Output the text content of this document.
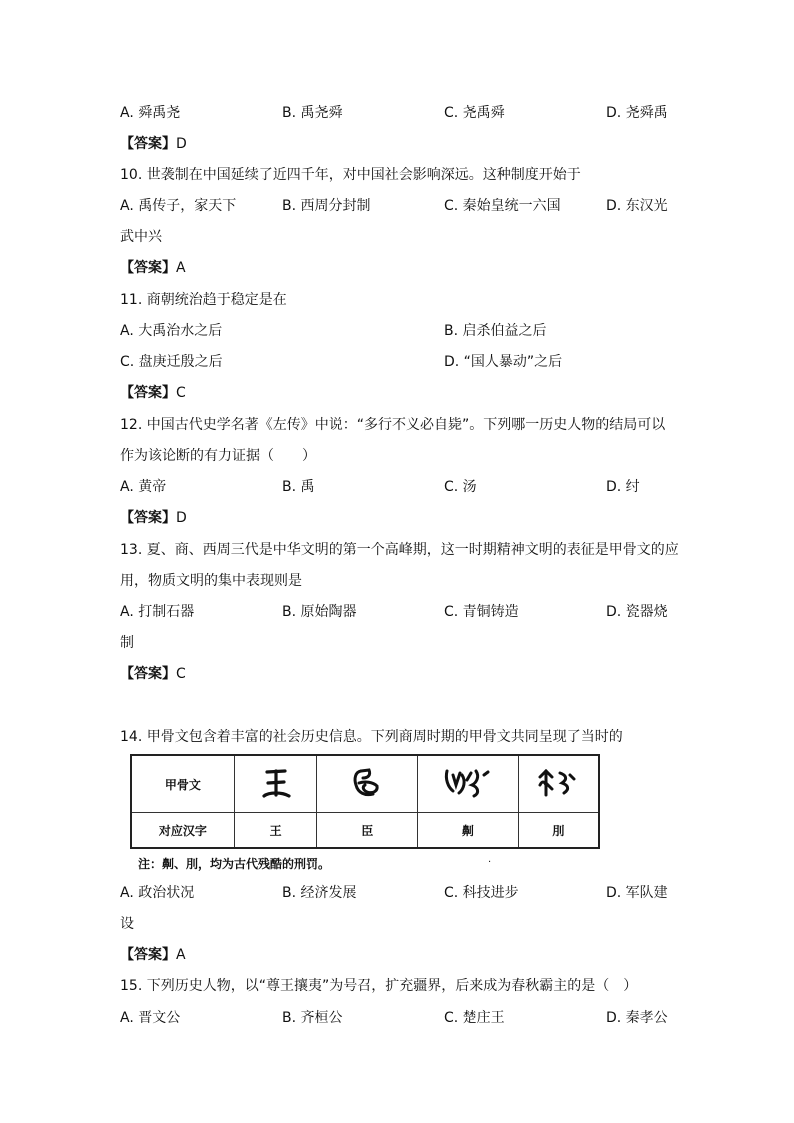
A. 舜禹尧	B. 禹尧舜	C. 尧禹舜	D. 尧舜禹
【答案】D
10. 世袭制在中国延续了近四千年，对中国社会影响深远。这种制度开始于
A. 禹传子，家天下	B. 西周分封制	C. 秦始皇统一六国	D. 东汉光
武中兴
【答案】A
11. 商朝统治趋于稳定是在
A. 大禹治水之后	B. 启杀伯益之后
C. 盘庚迁殷之后	D. “国人暴动”之后
【答案】C
12. 中国古代史学名著《左传》中说：“多行不义必自毙”。下列哪一历史人物的结局可以
作为该论断的有力证据（　　）
A. 黄帝	B. 禹	C. 汤	D. 纣
【答案】D
13. 夏、商、西周三代是中华文明的第一个高峰期，这一时期精神文明的表征是甲骨文的应
用，物质文明的集中表现则是
A. 打制石器	B. 原始陶器	C. 青铜铸造	D. 瓷器烧
制
【答案】C
14. 甲骨文包含着丰富的社会历史信息。下列商周时期的甲骨文共同呈现了当时的
甲骨文				
对应汉字	王	臣	劓	刖
注：劓、刖，均为古代残酷的刑罚。	·
A. 政治状况	B. 经济发展	C. 科技进步	D. 军队建
设
【答案】A
15. 下列历史人物，以“尊王攘夷”为号召，扩充疆界，后来成为春秋霸主的是（　）
A. 晋文公	B. 齐桓公	C. 楚庄王	D. 秦孝公
